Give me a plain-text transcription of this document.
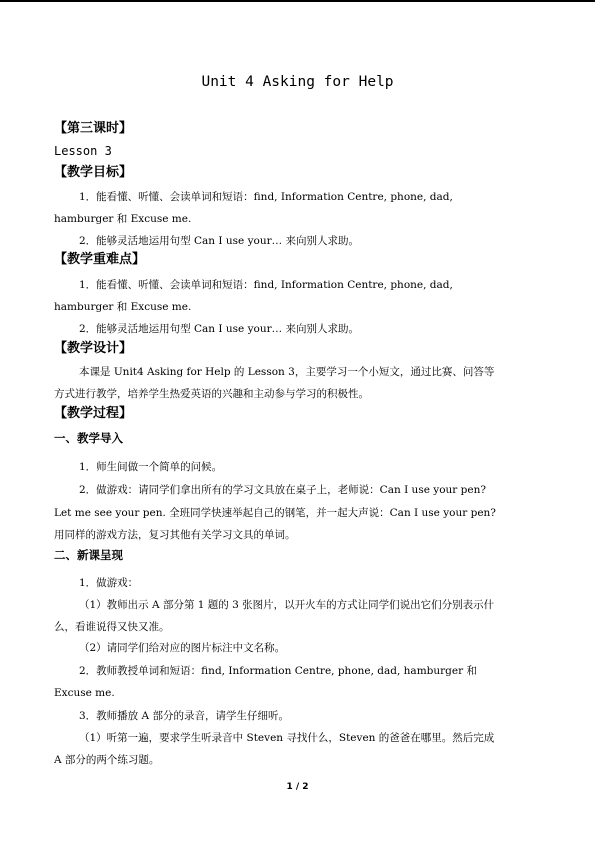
Unit 4 Asking for Help
【第三课时】
Lesson 3
【教学目标】
1．能看懂、听懂、会读单词和短语：find, Information Centre, phone, dad,
hamburger 和 Excuse me.
2．能够灵活地运用句型 Can I use your… 来向别人求助。
【教学重难点】
1．能看懂、听懂、会读单词和短语：find, Information Centre, phone, dad,
hamburger 和 Excuse me.
2．能够灵活地运用句型 Can I use your… 来向别人求助。
【教学设计】
本课是 Unit4 Asking for Help 的 Lesson 3，主要学习一个小短文，通过比赛、问答等
方式进行教学，培养学生热爱英语的兴趣和主动参与学习的积极性。
【教学过程】
一、教学导入
1．师生间做一个简单的问候。
2．做游戏：请同学们拿出所有的学习文具放在桌子上，老师说：Can I use your pen?
Let me see your pen. 全班同学快速举起自己的钢笔，并一起大声说：Can I use your pen?
用同样的游戏方法，复习其他有关学习文具的单词。
二、新课呈现
1．做游戏：
（1）教师出示 A 部分第 1 题的 3 张图片，以开火车的方式让同学们说出它们分别表示什
么，看谁说得又快又准。
（2）请同学们给对应的图片标注中文名称。
2．教师教授单词和短语：find, Information Centre, phone, dad, hamburger 和
Excuse me.
3．教师播放 A 部分的录音，请学生仔细听。
（1）听第一遍，要求学生听录音中 Steven 寻找什么，Steven 的爸爸在哪里。然后完成
A 部分的两个练习题。
1 / 2
